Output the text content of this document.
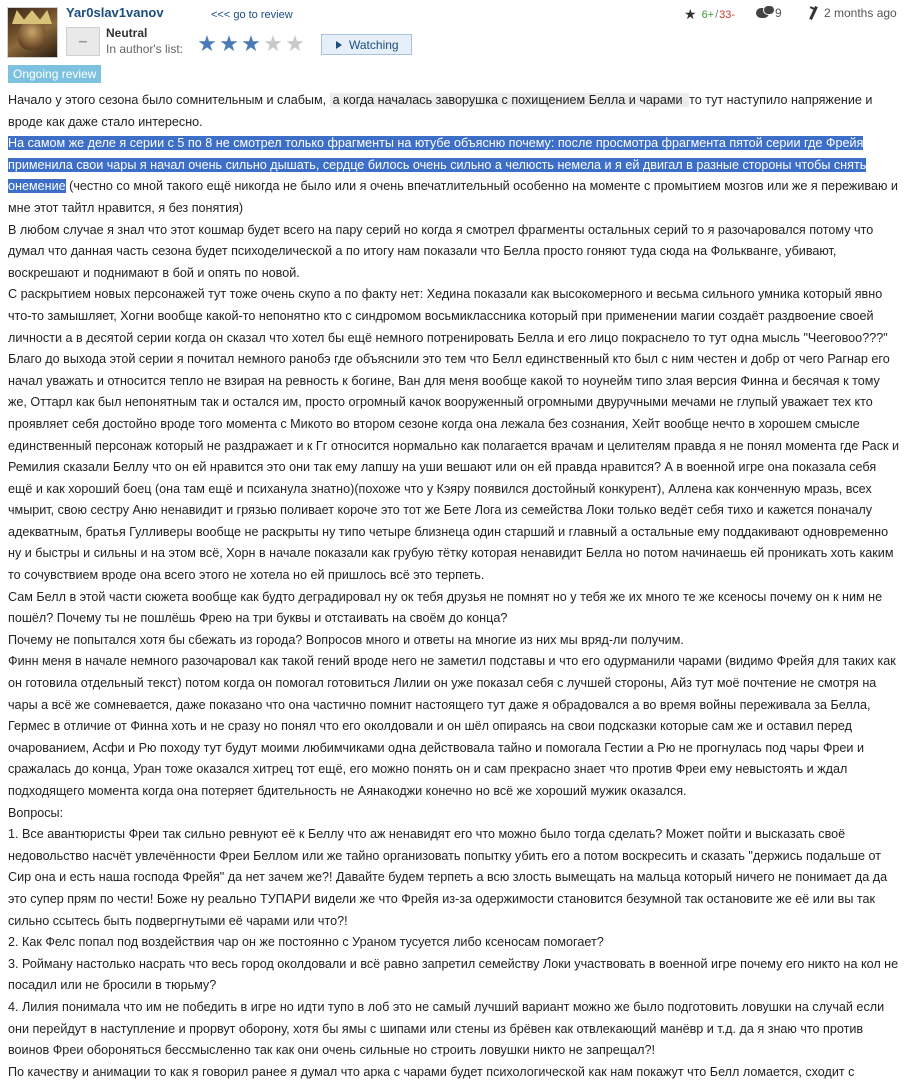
Yar0slav1vanov	<<< go to review
– Neutral
In author's list: ★ ★ ★ ★ ★	Watching
★ 6+ / 33-	9	2 months ago
Ongoing review

Начало у этого сезона было сомнительным и слабым, а когда началась заворушка с похищением Белла и чарами то тут наступило напряжение и вроде как даже стало интересно.

На самом же деле я серии с 5 по 8 не смотрел только фрагменты на ютубе объясню почему: после просмотра фрагмента пятой серии где Фрейя применила свои чары я начал очень сильно дышать, сердце билось очень сильно а челюсть немела и я ей двигал в разные стороны чтобы снять онемение (честно со мной такого ещё никогда не было или я очень впечатлительный особенно на моменте с промытием мозгов или же я переживаю и мне этот тайтл нравится, я без понятия)

В любом случае я знал что этот кошмар будет всего на пару серий но когда я смотрел фрагменты остальных серий то я разочаровался потому что думал что данная часть сезона будет психоделической а по итогу нам показали что Белла просто гоняют туда сюда на Фолькванге, убивают, воскрешают и поднимают в бой и опять по новой.

С раскрытием новых персонажей тут тоже очень скупо а по факту нет: Хедина показали как высокомерного и весьма сильного умника который явно что-то замышляет, Хогни вообще какой-то непонятно кто с синдромом восьмиклассника который при применении магии создаёт раздвоение своей личности а в десятой серии когда он сказал что хотел бы ещё немного потренировать Белла и его лицо покраснело то тут одна мысль "Чееговоо???" Благо до выхода этой серии я почитал немного ранобэ где объяснили это тем что Белл единственный кто был с ним честен и добр от чего Рагнар его начал уважать и относится тепло не взирая на ревность к богине, Ван для меня вообще какой то ноунейм типо злая версия Финна и бесячая к тому же, Оттарл как был непонятным так и остался им, просто огромный качок вооруженный огромными двуручными мечами не глупый уважает тех кто проявляет себя достойно вроде того момента с Микото во втором сезоне когда она лежала без сознания, Хейт вообще нечто в хорошем смысле единственный персонаж который не раздражает и к Гг относится нормально как полагается врачам и целителям правда я не понял момента где Раск и Ремилия сказали Беллу что он ей нравится это они так ему лапшу на уши вешают или он ей правда нравится? А в военной игре она показала себя ещё и как хороший боец (она там ещё и психанула знатно)(похоже что у Кэяру появился достойный конкурент), Аллена как конченную мразь, всех чмырит, свою сестру Аню ненавидит и грязью поливает короче это тот же Бете Лога из семейства Локи только ведёт себя тихо и кажется поначалу адекватным, братья Гулливеры вообще не раскрыты ну типо четыре близнеца один старший и главный а остальные ему поддакивают одновременно ну и быстры и сильны и на этом всё, Хорн в начале показали как грубую тётку которая ненавидит Белла но потом начинаешь ей проникать хоть каким то сочувствием вроде она всего этого не хотела но ей пришлось всё это терпеть.

Сам Белл в этой части сюжета вообще как будто деградировал ну ок тебя друзья не помнят но у тебя же их много те же ксеносы почему он к ним не пошёл? Почему ты не пошлёшь Фрею на три буквы и отстаивать на своём до конца?

Почему не попытался хотя бы сбежать из города? Вопросов много и ответы на многие из них мы вряд-ли получим.

Финн меня в начале немного разочаровал как такой гений вроде него не заметил подставы и что его одурманили чарами (видимо Фрейя для таких как он готовила отдельный текст) потом когда он помогал готовиться Лилии он уже показал себя с лучшей стороны, Айз тут моё почтение не смотря на чары а всё же сомневается, даже показано что она частично помнит настоящего тут даже я обрадовался а во время войны переживала за Белла, Гермес в отличие от Финна хоть и не сразу но понял что его околдовали и он шёл опираясь на свои подсказки которые сам же и оставил перед очарованием, Асфи и Рю походу тут будут моими любимчиками одна действовала тайно и помогала Гестии а Рю не прогнулась под чары Фреи и сражалась до конца, Уран тоже оказался хитрец тот ещё, его можно понять он и сам прекрасно знает что против Фреи ему невыстоять и ждал подходящего момента когда она потеряет бдительность не Аянакоджи конечно но всё же хороший мужик оказался.

Вопросы:

1. Все авантюристы Фреи так сильно ревнуют её к Беллу что аж ненавидят его что можно было тогда сделать? Может пойти и высказать своё недовольство насчёт увлечённости Фреи Беллом или же тайно организовать попытку убить его а потом воскресить и сказать "держись подальше от Сир она и есть наша господа Фрейя" да нет зачем же?! Давайте будем терпеть а всю злость вымещать на мальца который ничего не понимает да да это супер прям по чести! Боже ну реально ТУПАРИ видели же что Фрейя из-за одержимости становится безумной так остановите же её или вы так сильно ссытесь быть подвергнутыми её чарами или что?!

2. Как Фелс попал под воздействия чар он же постоянно с Ураном тусуется либо ксеносам помогает?

3. Ройману настолько насрать что весь город околдовали и всё равно запретил семейству Локи участвовать в военной игре почему его никто на кол не посадил или не бросили в тюрьму?

4. Лилия понимала что им не победить в игре но идти тупо в лоб это не самый лучший вариант можно же было подготовить ловушки на случай если они перейдут в наступление и прорвут оборону, хотя бы ямы с шипами или стены из брёвен как отвлекающий манёвр и т.д. да я знаю что против воинов Фреи обороняться бессмысленно так как они очень сильные но строить ловушки никто не запрещал?!

По качеству и анимации то как я говорил ранее я думал что арка с чарами будет психологической как нам покажут что Белл ломается, сходит с
